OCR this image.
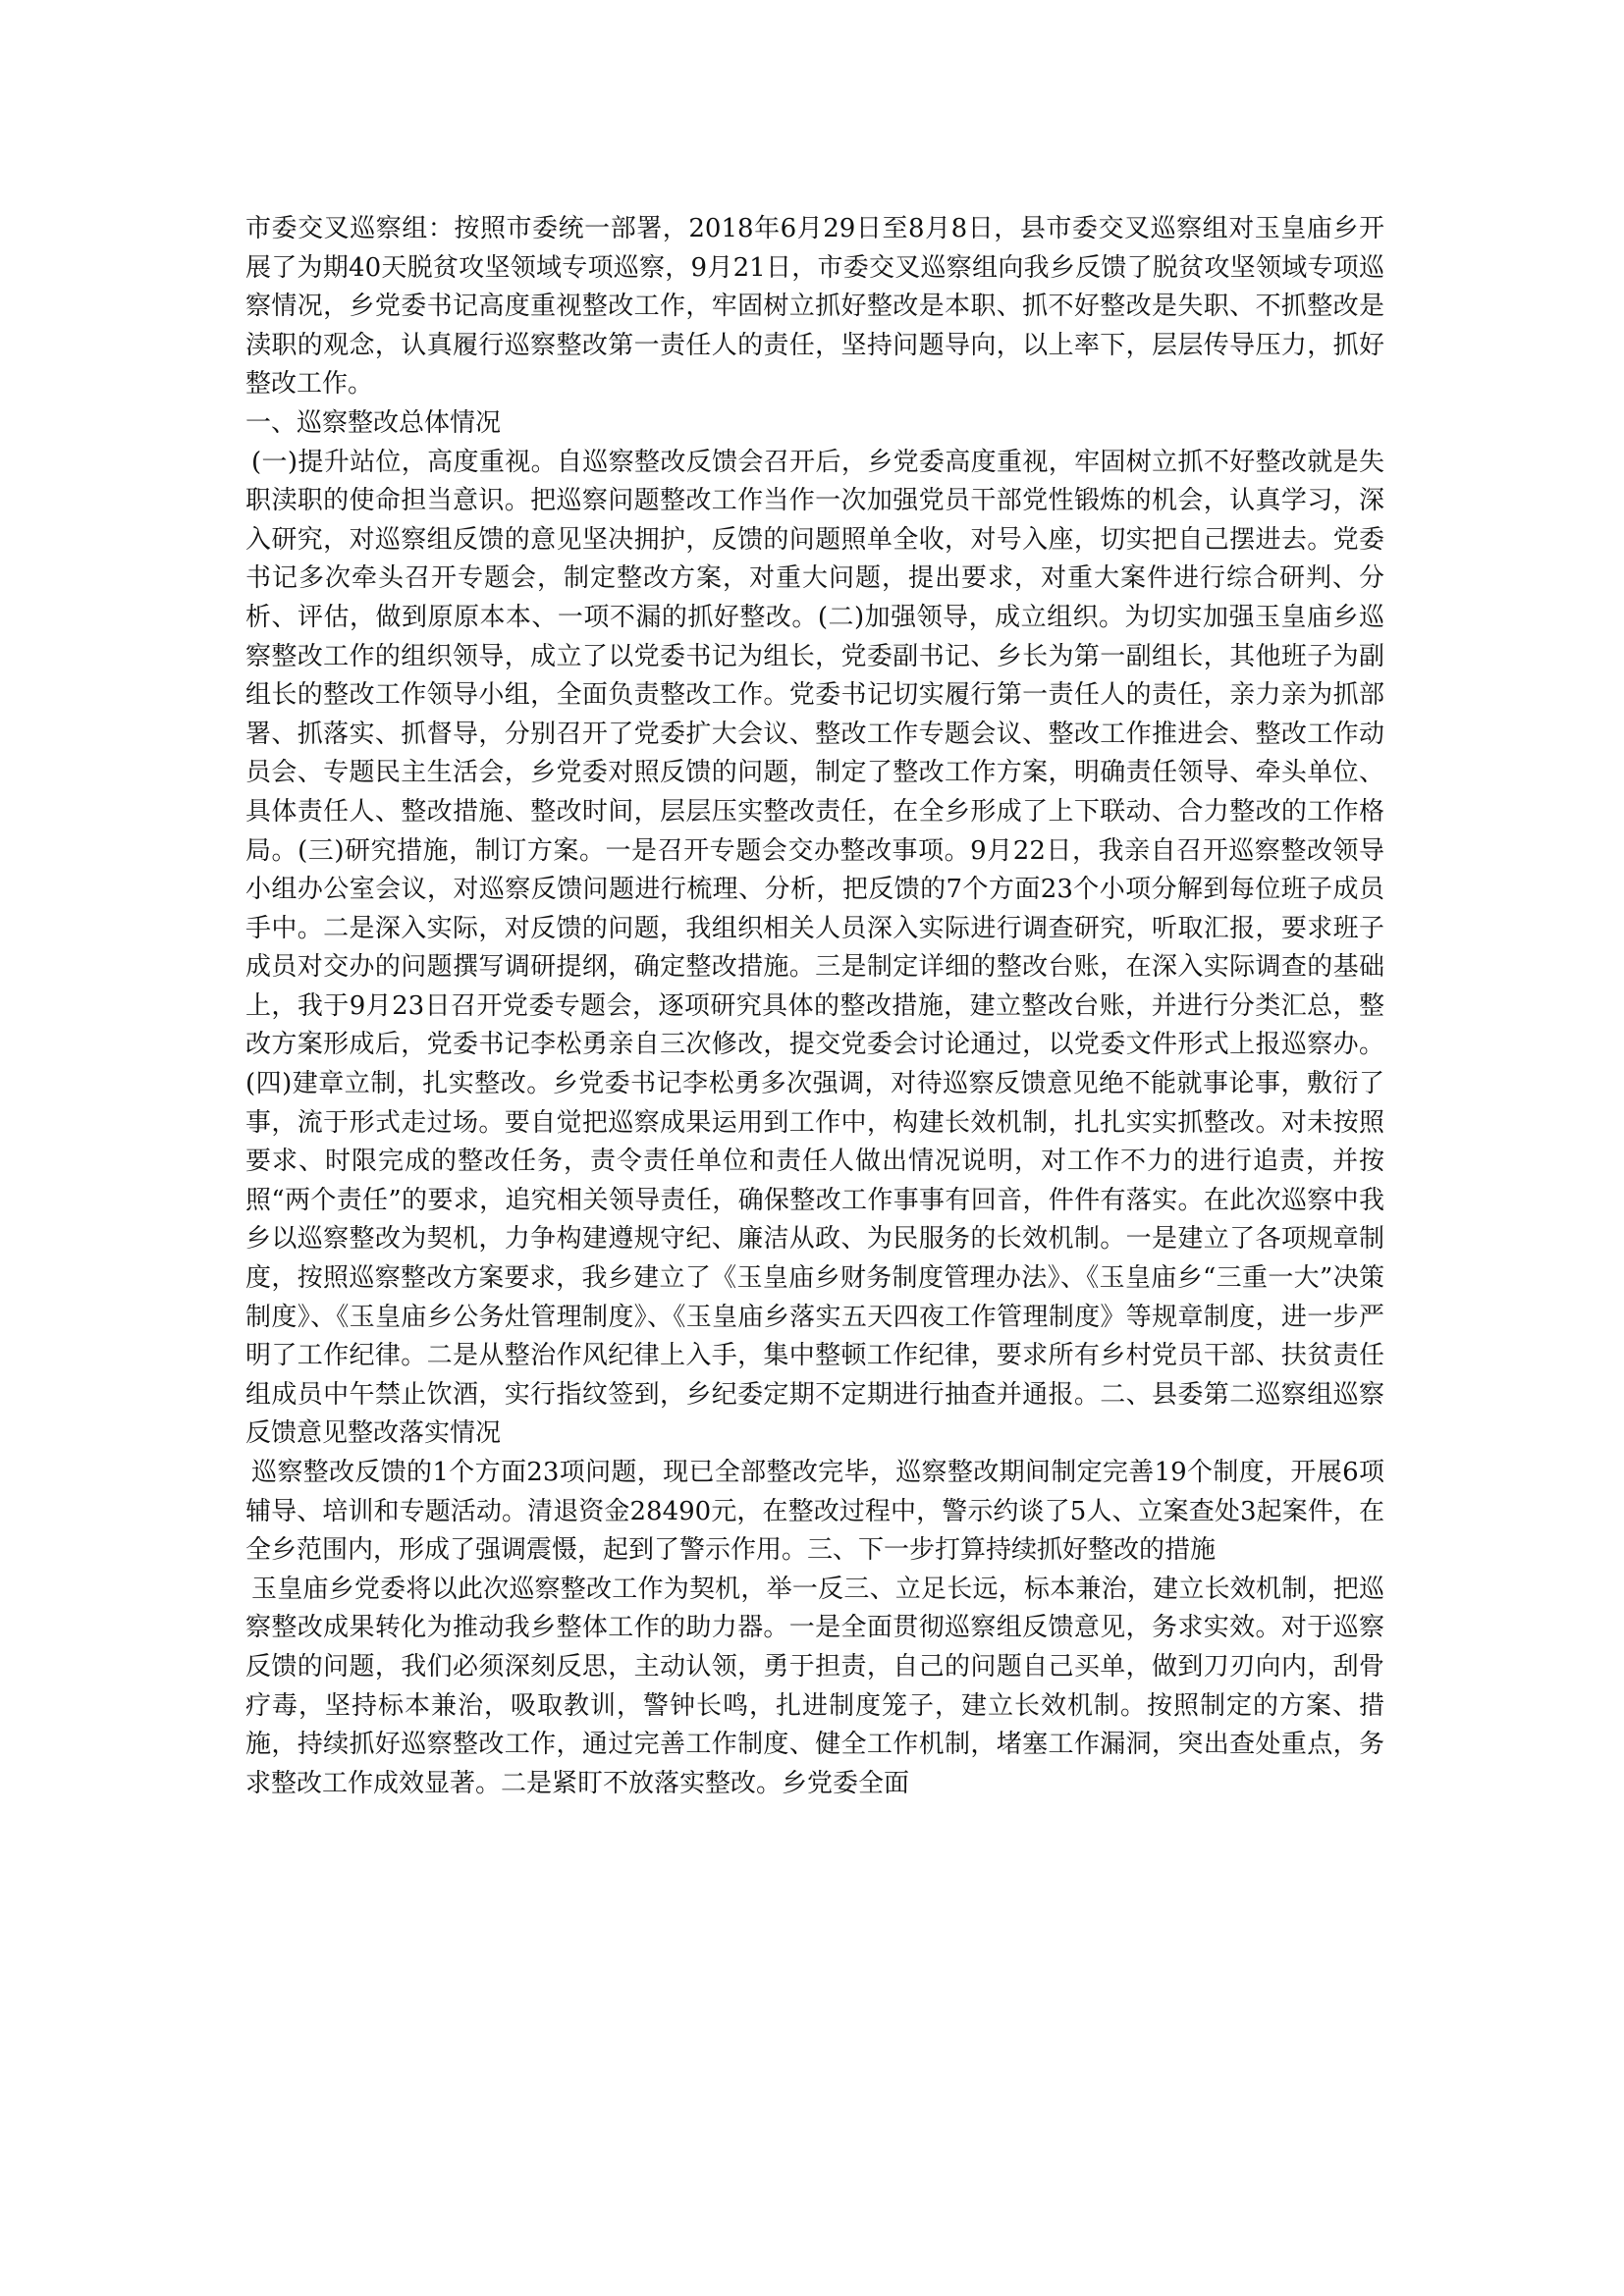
市委交叉巡察组：按照市委统一部署，2018年6月29日至8月8日，县市委交叉巡察组对玉皇庙乡开展了为期40天脱贫攻坚领域专项巡察，9月21日，市委交叉巡察组向我乡反馈了脱贫攻坚领域专项巡察情况，乡党委书记高度重视整改工作，牢固树立抓好整改是本职、抓不好整改是失职、不抓整改是渎职的观念，认真履行巡察整改第一责任人的责任，坚持问题导向，以上率下，层层传导压力，抓好整改工作。

一、巡察整改总体情况

(一)提升站位，高度重视。自巡察整改反馈会召开后，乡党委高度重视，牢固树立抓不好整改就是失职渎职的使命担当意识。把巡察问题整改工作当作一次加强党员干部党性锻炼的机会，认真学习，深入研究，对巡察组反馈的意见坚决拥护，反馈的问题照单全收，对号入座，切实把自己摆进去。党委书记多次牵头召开专题会，制定整改方案，对重大问题，提出要求，对重大案件进行综合研判、分析、评估，做到原原本本、一项不漏的抓好整改。(二)加强领导，成立组织。为切实加强玉皇庙乡巡察整改工作的组织领导，成立了以党委书记为组长，党委副书记、乡长为第一副组长，其他班子为副组长的整改工作领导小组，全面负责整改工作。党委书记切实履行第一责任人的责任，亲力亲为抓部署、抓落实、抓督导，分别召开了党委扩大会议、整改工作专题会议、整改工作推进会、整改工作动员会、专题民主生活会，乡党委对照反馈的问题，制定了整改工作方案，明确责任领导、牵头单位、具体责任人、整改措施、整改时间，层层压实整改责任，在全乡形成了上下联动、合力整改的工作格局。(三)研究措施，制订方案。一是召开专题会交办整改事项。9月22日，我亲自召开巡察整改领导小组办公室会议，对巡察反馈问题进行梳理、分析，把反馈的7个方面23个小项分解到每位班子成员手中。二是深入实际，对反馈的问题，我组织相关人员深入实际进行调查研究，听取汇报，要求班子成员对交办的问题撰写调研提纲，确定整改措施。三是制定详细的整改台账，在深入实际调查的基础上，我于9月23日召开党委专题会，逐项研究具体的整改措施，建立整改台账，并进行分类汇总，整改方案形成后，党委书记李松勇亲自三次修改，提交党委会讨论通过，以党委文件形式上报巡察办。(四)建章立制，扎实整改。乡党委书记李松勇多次强调，对待巡察反馈意见绝不能就事论事，敷衍了事，流于形式走过场。要自觉把巡察成果运用到工作中，构建长效机制，扎扎实实抓整改。对未按照要求、时限完成的整改任务，责令责任单位和责任人做出情况说明，对工作不力的进行追责，并按照“两个责任”的要求，追究相关领导责任，确保整改工作事事有回音，件件有落实。在此次巡察中我乡以巡察整改为契机，力争构建遵规守纪、廉洁从政、为民服务的长效机制。一是建立了各项规章制度，按照巡察整改方案要求，我乡建立了《玉皇庙乡财务制度管理办法》、《玉皇庙乡“三重一大”决策制度》、《玉皇庙乡公务灶管理制度》、《玉皇庙乡落实五天四夜工作管理制度》等规章制度，进一步严明了工作纪律。二是从整治作风纪律上入手，集中整顿工作纪律，要求所有乡村党员干部、扶贫责任组成员中午禁止饮酒，实行指纹签到，乡纪委定期不定期进行抽查并通报。二、县委第二巡察组巡察反馈意见整改落实情况

巡察整改反馈的1个方面23项问题，现已全部整改完毕，巡察整改期间制定完善19个制度，开展6项辅导、培训和专题活动。清退资金28490元，在整改过程中，警示约谈了5人、立案查处3起案件，在全乡范围内，形成了强调震慑，起到了警示作用。三、下一步打算持续抓好整改的措施

玉皇庙乡党委将以此次巡察整改工作为契机，举一反三、立足长远，标本兼治，建立长效机制，把巡察整改成果转化为推动我乡整体工作的助力器。一是全面贯彻巡察组反馈意见，务求实效。对于巡察反馈的问题，我们必须深刻反思，主动认领，勇于担责，自己的问题自己买单，做到刀刃向内，刮骨疗毒，坚持标本兼治，吸取教训，警钟长鸣，扎进制度笼子，建立长效机制。按照制定的方案、措施，持续抓好巡察整改工作，通过完善工作制度、健全工作机制，堵塞工作漏洞，突出查处重点，务求整改工作成效显著。二是紧盯不放落实整改。乡党委全面
